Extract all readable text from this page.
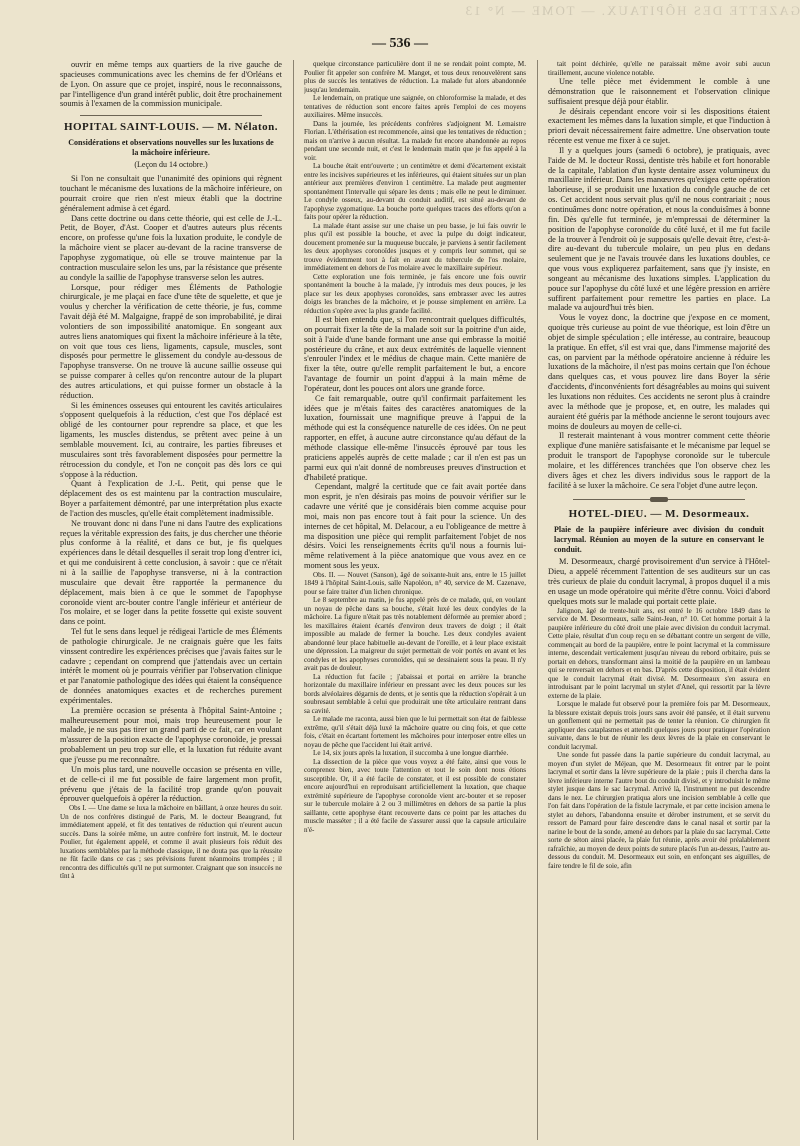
GAZETTE DES HÔPITAUX. — TOME — N° 13
— 536 —

ouvrir en même temps aux quartiers de la rive gauche de spacieuses communications avec les chemins de fer d'Orléans et de Lyon. On assure que ce projet, inspiré, nous le reconnaissons, par l'intelligence d'un grand intérêt public, doit être prochainement soumis à l'examen de la commission municipale.

HOPITAL SAINT-LOUIS. — M. Nélaton.
Considérations et observations nouvelles sur les luxations de la mâchoire inférieure.
(Leçon du 14 octobre.)

Si l'on ne consultait que l'unanimité des opinions qui règnent touchant le mécanisme des luxations de la mâchoire inférieure, on pourrait croire que rien n'est mieux établi que la doctrine généralement admise à cet égard.

Dans cette doctrine ou dans cette théorie, qui est celle de J.-L. Petit, de Boyer, d'Ast. Cooper et d'autres auteurs plus récents encore, on professe qu'une fois la luxation produite, le condyle de la mâchoire vient se placer au-devant de la racine transverse de l'apophyse zygomatique, où elle se trouve maintenue par la contraction musculaire selon les uns, par la résistance que présente au condyle la saillie de l'apophyse transverse selon les autres.

Lorsque, pour rédiger mes Éléments de Pathologie chirurgicale, je me plaçai en face d'une tête de squelette, et que je voulus y chercher la vérification de cette théorie, je fus, comme l'avait déjà été M. Malgaigne, frappé de son improbabilité, je dirai volontiers de son impossibilité anatomique. En songeant aux autres liens anatomiques qui fixent la mâchoire inférieure à la tête, on voit que tous ces liens, ligaments, capsule, muscles, sont disposés pour permettre le glissement du condyle au-dessous de l'apophyse transverse. On ne trouve là aucune saillie osseuse qui se puisse comparer à celles qu'on rencontre autour de la plupart des autres articulations, et qui puisse former un obstacle à la réduction.

Si les éminences osseuses qui entourent les cavités articulaires s'opposent quelquefois à la réduction, c'est que l'os déplacé est obligé de les contourner pour reprendre sa place, et que les ligaments, les muscles distendus, se prêtent avec peine à un semblable mouvement. Ici, au contraire, les parties fibreuses et musculaires sont très favorablement disposées pour permettre la rétrocession du condyle, et l'on ne conçoit pas dès lors ce qui s'oppose à la réduction.

Quant à l'explication de J.-L. Petit, qui pense que le déplacement des os est maintenu par la contraction musculaire, Boyer a parfaitement démontré, par une interprétation plus exacte de l'action des muscles, qu'elle était complètement inadmissible.

Ne trouvant donc ni dans l'une ni dans l'autre des explications reçues la véritable expression des faits, je dus chercher une théorie plus conforme à la réalité, et dans ce but, je fis quelques expériences dans le détail desquelles il serait trop long d'entrer ici, et qui me conduisirent à cette conclusion, à savoir : que ce n'était ni à la saillie de l'apophyse transverse, ni à la contraction musculaire que devait être rapportée la permanence du déplacement, mais bien à ce que le sommet de l'apophyse coronoïde vient arc-bouter contre l'angle inférieur et antérieur de l'os molaire, et se loger dans la petite fossette qui existe souvent dans ce point.

Tel fut le sens dans lequel je rédigeai l'article de mes Éléments de pathologie chirurgicale. Je ne craignais guère que les faits vinssent contredire les expériences précises que j'avais faites sur le cadavre ; cependant on comprend que j'attendais avec un certain intérêt le moment où je pourrais vérifier par l'observation clinique et par l'anatomie pathologique des idées qui étaient la conséquence de données anatomiques exactes et de recherches purement expérimentales.

La première occasion se présenta à l'hôpital Saint-Antoine ; malheureusement pour moi, mais trop heureusement pour le malade, je ne sus pas tirer un grand parti de ce fait, car en voulant m'assurer de la position exacte de l'apophyse coronoïde, je pressai probablement un peu trop sur elle, et la luxation fut réduite avant que j'eusse pu me reconnaître.

Un mois plus tard, une nouvelle occasion se présenta en ville, et de celle-ci il me fut possible de faire largement mon profit, prévenu que j'étais de la facilité trop grande qu'on pouvait éprouver quelquefois à opérer la réduction.

Obs I. — Une dame se luxa la mâchoire en bâillant, à onze heures du soir. Un de nos confrères distingué de Paris, M. le docteur Beaugrand, fut immédiatement appelé, et fit des tentatives de réduction qui n'eurent aucun succès. Dans la soirée même, un autre confrère fort instruit, M. le docteur Poulier, fut également appelé, et comme il avait plusieurs fois réduit des luxations semblables par la méthode classique, il ne douta pas que la réussite ne fût facile dans ce cas ; ses prévisions furent néanmoins trompées ; il rencontra des difficultés qu'il ne put surmonter. Craignant que son insuccès ne tînt à

quelque circonstance particulière dont il ne se rendait point compte, M. Poulier fit appeler son confrère M. Manget, et tous deux renouvelèrent sans plus de succès les tentatives de réduction. La malade fut alors abandonnée jusqu'au lendemain.

Le lendemain, on pratique une saignée, on chloroformise la malade, et des tentatives de réduction sont encore faites après l'emploi de ces moyens auxiliaires. Même insuccès.

Dans la journée, les précédents confrères s'adjoignent M. Lemaistre Florian. L'éthérisation est recommencée, ainsi que les tentatives de réduction ; mais on n'arrive à aucun résultat. La malade fut encore abandonnée au repos pendant une seconde nuit, et c'est le lendemain matin que je fus appelé à la voir.

La bouche était entr'ouverte ; un centimètre et demi d'écartement existait entre les incisives supérieures et les inférieures, qui étaient situées sur un plan antérieur aux premières d'environ 1 centimètre. La malade peut augmenter spontanément l'intervalle qui sépare les dents ; mais elle ne peut le diminuer. Le condyle osseux, au-devant du conduit auditif, est situé au-devant de l'apophyse zygomatique. La bouche porte quelques traces des efforts qu'on a faits pour opérer la réduction.

La malade étant assise sur une chaise un peu basse, je lui fais ouvrir le plus qu'il est possible la bouche, et avec la pulpe du doigt indicateur, doucement promenée sur la muqueuse buccale, je parviens à sentir facilement les deux apophyses coronoïdes jusques et y compris leur sommet, qui se trouve évidemment tout à fait en avant du tubercule de l'os molaire, immédiatement en dehors de l'os molaire avec le maxillaire supérieur.

Cette exploration une fois terminée, je fais encore une fois ouvrir spontanément la bouche à la malade, j'y introduis mes deux pouces, je les place sur les deux apophyses coronoïdes, sans embrasser avec les autres doigts les branches de la mâchoire, et je pousse simplement en arrière. La réduction s'opère avec la plus grande facilité.

Il est bien entendu que, si l'on rencontrait quelques difficultés, on pourrait fixer la tête de la malade soit sur la poitrine d'un aide, soit à l'aide d'une bande formant une anse qui embrasse la moitié postérieure du crâne, et aux deux extrémités de laquelle viennent s'enrouler l'index et le médius de chaque main. Cette manière de fixer la tête, outre qu'elle remplit parfaitement le but, a encore l'avantage de fournir un point d'appui à la main même de l'opérateur, dont les pouces ont alors une grande force.

Ce fait remarquable, outre qu'il confirmait parfaitement les idées que je m'étais faites des caractères anatomiques de la luxation, fournissait une magnifique preuve à l'appui de la méthode qui est la conséquence naturelle de ces idées. On ne peut rapporter, en effet, à aucune autre circonstance qu'au défaut de la méthode classique elle-même l'insuccès éprouvé par tous les praticiens appelés auprès de cette malade ; car il n'en est pas un parmi eux qui n'ait donné de nombreuses preuves d'instruction et d'habileté pratique.

Cependant, malgré la certitude que ce fait avait portée dans mon esprit, je n'en désirais pas moins de pouvoir vérifier sur le cadavre une vérité que je considérais bien comme acquise pour moi, mais non pas encore tout à fait pour la science. Un des internes de cet hôpital, M. Delacour, a eu l'obligeance de mettre à ma disposition une pièce qui remplit parfaitement l'objet de nos désirs. Voici les renseignements écrits qu'il nous a fournis lui-même relativement à la pièce anatomique que vous avez en ce moment sous les yeux.

Obs. II. — Nouvet (Sanson), âgé de soixante-huit ans, entre le 15 juillet 1849 à l'hôpital Saint-Louis, salle Napoléon, n° 40, service de M. Cazenave, pour se faire traiter d'un lichen chronique.

Le 8 septembre au matin, je fus appelé près de ce malade, qui, en voulant un noyau de pêche dans sa bouche, s'était luxé les deux condyles de la mâchoire. La figure n'était pas très notablement déformée au premier abord ; les maxillaires étaient écartés d'environ deux travers de doigt ; il était impossible au malade de fermer la bouche. Les deux condyles avaient abandonné leur place habituelle au-devant de l'oreille, et à leur place existait une dépression. La maigreur du sujet permettait de voir portés en avant et les condyles et les apophyses coronoïdes, qui se dessinaient sous la peau. Il n'y avait pas de douleur.

La réduction fut facile ; j'abaissai et portai en arrière la branche horizontale du maxillaire inférieur en pressant avec les deux pouces sur les bords alvéolaires dégarnis de dents, et je sentis que la réduction s'opérait à un soubresaut semblable à celui que produirait une tête articulaire rentrant dans sa cavité.

Le malade me raconta, aussi bien que le lui permettait son état de faiblesse extrême, qu'il s'était déjà luxé la mâchoire quatre ou cinq fois, et que cette fois, c'était en écartant fortement les mâchoires pour interposer entre elles un noyau de pêche que l'accident lui était arrivé.

Le 14, six jours après la luxation, il succomba à une longue diarrhée.

La dissection de la pièce que vous voyez a été faite, ainsi que vous le comprenez bien, avec toute l'attention et tout le soin dont nous étions susceptible. Or, il a été facile de constater, et il est possible de constater encore aujourd'hui en reproduisant artificiellement la luxation, que chaque extrémité supérieure de l'apophyse coronoïde vient arc-bouter et se reposer sur le tubercule molaire à 2 ou 3 millimètres en dehors de sa partie la plus saillante, cette apophyse étant recouverte dans ce point par les attaches du muscle masséter ; il a été facile de s'assurer aussi que la capsule articulaire n'é-

tait point déchirée, qu'elle ne paraissait même avoir subi aucun tiraillement, aucune violence notable.

Une telle pièce met évidemment le comble à une démonstration que le raisonnement et l'observation clinique suffisaient presque déjà pour établir.

Je désirais cependant encore voir si les dispositions étaient exactement les mêmes dans la luxation simple, et que l'induction à priori devait nécessairement faire admettre. Une observation toute récente est venue me fixer à ce sujet.

Il y a quelques jours (samedi 6 octobre), je pratiquais, avec l'aide de M. le docteur Rossi, dentiste très habile et fort honorable de la capitale, l'ablation d'un kyste dentaire assez volumineux du maxillaire inférieur. Dans les manœuvres qu'exigea cette opération laborieuse, il se produisit une luxation du condyle gauche de cet os. Cet accident nous servait plus qu'il ne nous contrariait ; nous continuâmes donc notre opération, et nous la conduisîmes à bonne fin. Dès qu'elle fut terminée, je m'empressai de déterminer la position de l'apophyse coronoïde du côté luxé, et il me fut facile de la trouver à l'endroit où je supposais qu'elle devait être, c'est-à-dire au-devant du tubercule molaire, un peu plus en dedans seulement que je ne l'avais trouvée dans les luxations doubles, ce que vous vous expliquerez parfaitement, sans que j'y insiste, en songeant au mécanisme des luxations simples. L'application du pouce sur l'apophyse du côté luxé et une légère pression en arrière suffirent parfaitement pour remettre les parties en place. La malade va aujourd'hui très bien.

Vous le voyez donc, la doctrine que j'expose en ce moment, quoique très curieuse au point de vue théorique, est loin d'être un objet de simple spéculation ; elle intéresse, au contraire, beaucoup la pratique. En effet, s'il est vrai que, dans l'immense majorité des cas, on parvient par la méthode opératoire ancienne à réduire les luxations de la mâchoire, il n'est pas moins certain que l'on échoue dans quelques cas, et vous pouvez lire dans Boyer la série d'accidents, d'inconvénients fort désagréables au moins qui suivent les luxations non réduites. Ces accidents ne seront plus à craindre avec la méthode que je propose, et, en outre, les malades qui auraient été guéris par la méthode ancienne le seront toujours avec moins de douleurs au moyen de celle-ci.

Il resterait maintenant à vous montrer comment cette théorie explique d'une manière satisfaisante et le mécanisme par lequel se produit le transport de l'apophyse coronoïde sur le tubercule molaire, et les différences tranchées que l'on observe chez les divers âges et chez les divers individus sous le rapport de la facilité à se luxer la mâchoire. Ce sera l'objet d'une autre leçon.

HOTEL-DIEU. — M. Desormeaux.
Plaie de la paupière inférieure avec division du conduit lacrymal. Réunion au moyen de la suture en conservant le conduit.

M. Desormeaux, chargé provisoirement d'un service à l'Hôtel-Dieu, a appelé récemment l'attention de ses auditeurs sur un cas très curieux de plaie du conduit lacrymal, à propos duquel il a mis en usage un mode opératoire qui mérite d'être connu. Voici d'abord quelques mots sur le malade qui portait cette plaie.

Jalignon, âgé de trente-huit ans, est entré le 16 octobre 1849 dans le service de M. Desormeaux, salle Saint-Jean, n° 10. Cet homme portait à la paupière inférieure du côté droit une plaie avec division du conduit lacrymal. Cette plaie, résultat d'un coup reçu en se débattant contre un sergent de ville, commençait au bord de la paupière, entre le point lacrymal et la commissure interne, descendait verticalement jusqu'au niveau du rebord orbitaire, puis se portait en dehors, transformant ainsi la moitié de la paupière en un lambeau qui se renversait en dehors et en bas. D'après cette disposition, il était évident que le conduit lacrymal était divisé. M. Desormeaux s'en assura en introduisant par le point lacrymal un stylet d'Anel, qui ressortit par la lèvre externe de la plaie.

Lorsque le malade fut observé pour la première fois par M. Desormeaux, la blessure existait depuis trois jours sans avoir été pansée, et il était survenu un gonflement qui ne permettait pas de tenter la réunion. Ce chirurgien fit appliquer des cataplasmes et attendit quelques jours pour pratiquer l'opération suivante, dans le but de réunir les deux lèvres de la plaie en conservant le conduit lacrymal.

Une sonde fut passée dans la partie supérieure du conduit lacrymal, au moyen d'un stylet de Méjean, que M. Desormeaux fit entrer par le point lacrymal et sortir dans la lèvre supérieure de la plaie ; puis il chercha dans la lèvre inférieure interne l'autre bout du conduit divisé, et y introduisit le même stylet jusque dans le sac lacrymal. Arrivé là, l'instrument ne put descendre dans le nez. Le chirurgien pratiqua alors une incision semblable à celle que l'on fait dans l'opération de la fistule lacrymale, et par cette incision amena le stylet au dehors, l'abandonna ensuite et dérober instrument, et se servit du ressort de Pamard pour faire descendre dans le canal nasal et sortir par la narine le bout de la sonde, amené au dehors par la plaie du sac lacrymal. Cette sorte de séton ainsi placée, la plaie fut réunie, après avoir été préalablement rafraîchie, au moyen de deux points de suture placés l'un au-dessus, l'autre au-dessous du conduit. M. Desormeaux eut soin, en enfonçant ses aiguilles, de faire tendre le fil de soie, afin
